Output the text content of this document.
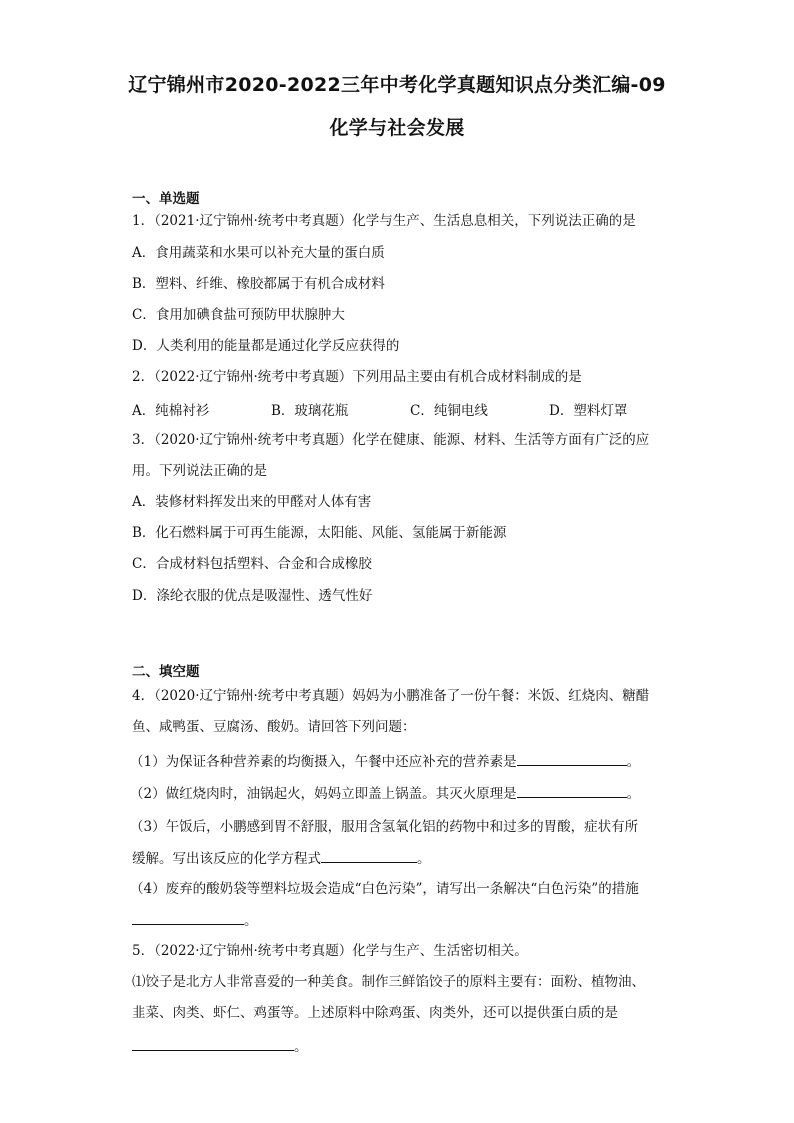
辽宁锦州市2020-2022三年中考化学真题知识点分类汇编-09
化学与社会发展
一、单选题
1．（2021·辽宁锦州·统考中考真题）化学与生产、生活息息相关，下列说法正确的是
A．食用蔬菜和水果可以补充大量的蛋白质
B．塑料、纤维、橡胶都属于有机合成材料
C．食用加碘食盐可预防甲状腺肿大
D．人类利用的能量都是通过化学反应获得的
2．（2022·辽宁锦州·统考中考真题）下列用品主要由有机合成材料制成的是
A．纯棉衬衫	B．玻璃花瓶	C．纯铜电线	D．塑料灯罩
3．（2020·辽宁锦州·统考中考真题）化学在健康、能源、材料、生活等方面有广泛的应
用。下列说法正确的是
A．装修材料挥发出来的甲醛对人体有害
B．化石燃料属于可再生能源，太阳能、风能、氢能属于新能源
C．合成材料包括塑料、合金和合成橡胶
D．涤纶衣服的优点是吸湿性、透气性好
二、填空题
4．（2020·辽宁锦州·统考中考真题）妈妈为小鹏准备了一份午餐：米饭、红烧肉、糖醋
鱼、咸鸭蛋、豆腐汤、酸奶。请回答下列问题：
（1）为保证各种营养素的均衡摄入，午餐中还应补充的营养素是	。
（2）做红烧肉时，油锅起火，妈妈立即盖上锅盖。其灭火原理是	。
（3）午饭后，小鹏感到胃不舒服，服用含氢氧化铝的药物中和过多的胃酸，症状有所
缓解。写出该反应的化学方程式	。
（4）废弃的酸奶袋等塑料垃圾会造成“白色污染”，请写出一条解决“白色污染”的措施
。
5．（2022·辽宁锦州·统考中考真题）化学与生产、生活密切相关。
⑴饺子是北方人非常喜爱的一种美食。制作三鲜馅饺子的原料主要有：面粉、植物油、
韭菜、肉类、虾仁、鸡蛋等。上述原料中除鸡蛋、肉类外，还可以提供蛋白质的是
。
